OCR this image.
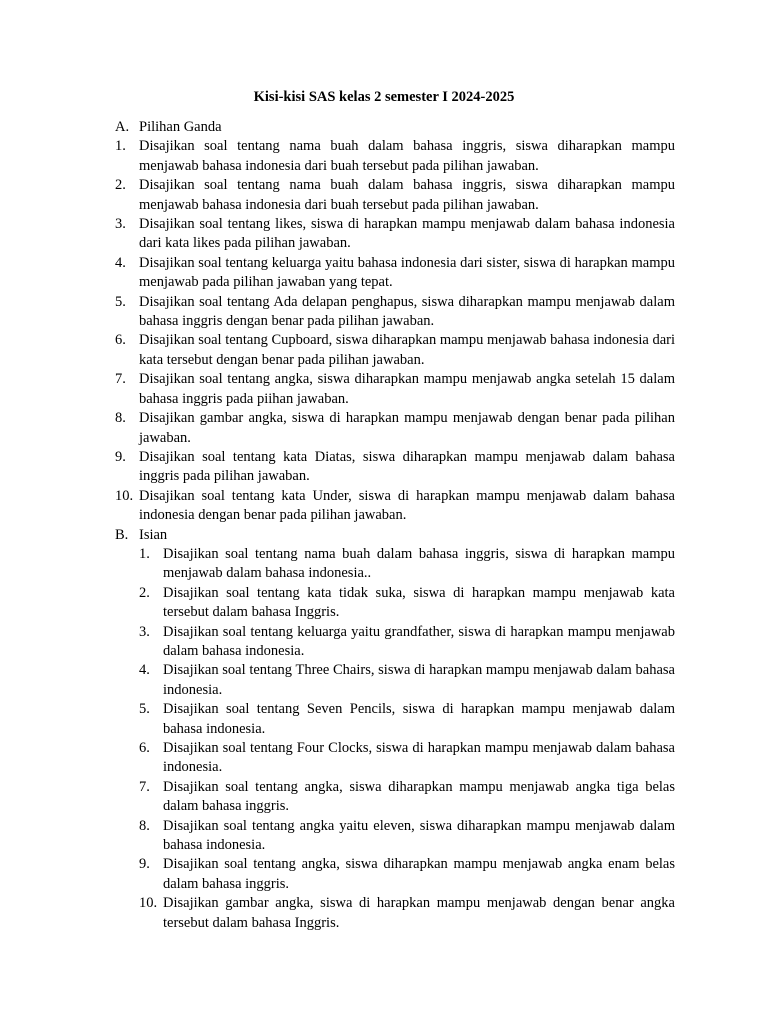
Kisi-kisi SAS kelas 2 semester I 2024-2025
A. Pilihan Ganda
1. Disajikan soal tentang nama buah dalam bahasa inggris, siswa diharapkan mampu menjawab bahasa indonesia dari buah tersebut pada pilihan jawaban.
2. Disajikan soal tentang nama buah dalam bahasa inggris, siswa diharapkan mampu menjawab bahasa indonesia dari buah tersebut pada pilihan jawaban.
3. Disajikan soal tentang likes, siswa di harapkan mampu menjawab dalam bahasa indonesia dari kata likes pada pilihan jawaban.
4. Disajikan soal tentang keluarga yaitu bahasa indonesia dari sister, siswa di harapkan mampu menjawab pada pilihan jawaban yang tepat.
5. Disajikan soal tentang Ada delapan penghapus, siswa diharapkan mampu menjawab dalam bahasa inggris dengan benar pada pilihan jawaban.
6. Disajikan soal tentang Cupboard, siswa diharapkan mampu menjawab bahasa indonesia dari kata tersebut dengan benar pada pilihan jawaban.
7. Disajikan soal tentang angka, siswa diharapkan mampu menjawab angka setelah 15 dalam bahasa inggris pada piihan jawaban.
8. Disajikan gambar angka, siswa di harapkan mampu menjawab dengan benar pada pilihan jawaban.
9. Disajikan soal tentang kata Diatas, siswa diharapkan mampu menjawab dalam bahasa inggris pada pilihan jawaban.
10. Disajikan soal tentang kata Under, siswa di harapkan mampu menjawab dalam bahasa indonesia dengan benar pada pilihan jawaban.
B. Isian
1. Disajikan soal tentang nama buah dalam bahasa inggris, siswa di harapkan mampu menjawab dalam bahasa indonesia..
2. Disajikan soal tentang kata tidak suka, siswa di harapkan mampu menjawab kata tersebut dalam bahasa Inggris.
3. Disajikan soal tentang keluarga yaitu grandfather, siswa di harapkan mampu menjawab dalam bahasa indonesia.
4. Disajikan soal tentang Three Chairs, siswa di harapkan mampu menjawab dalam bahasa indonesia.
5. Disajikan soal tentang Seven Pencils, siswa di harapkan mampu menjawab dalam bahasa indonesia.
6. Disajikan soal tentang Four Clocks, siswa di harapkan mampu menjawab dalam bahasa indonesia.
7. Disajikan soal tentang angka, siswa diharapkan mampu menjawab angka tiga belas dalam bahasa inggris.
8. Disajikan soal tentang angka yaitu eleven, siswa diharapkan mampu menjawab dalam bahasa indonesia.
9. Disajikan soal tentang angka, siswa diharapkan mampu menjawab angka enam belas dalam bahasa inggris.
10. Disajikan gambar angka, siswa di harapkan mampu menjawab dengan benar angka tersebut dalam bahasa Inggris.
